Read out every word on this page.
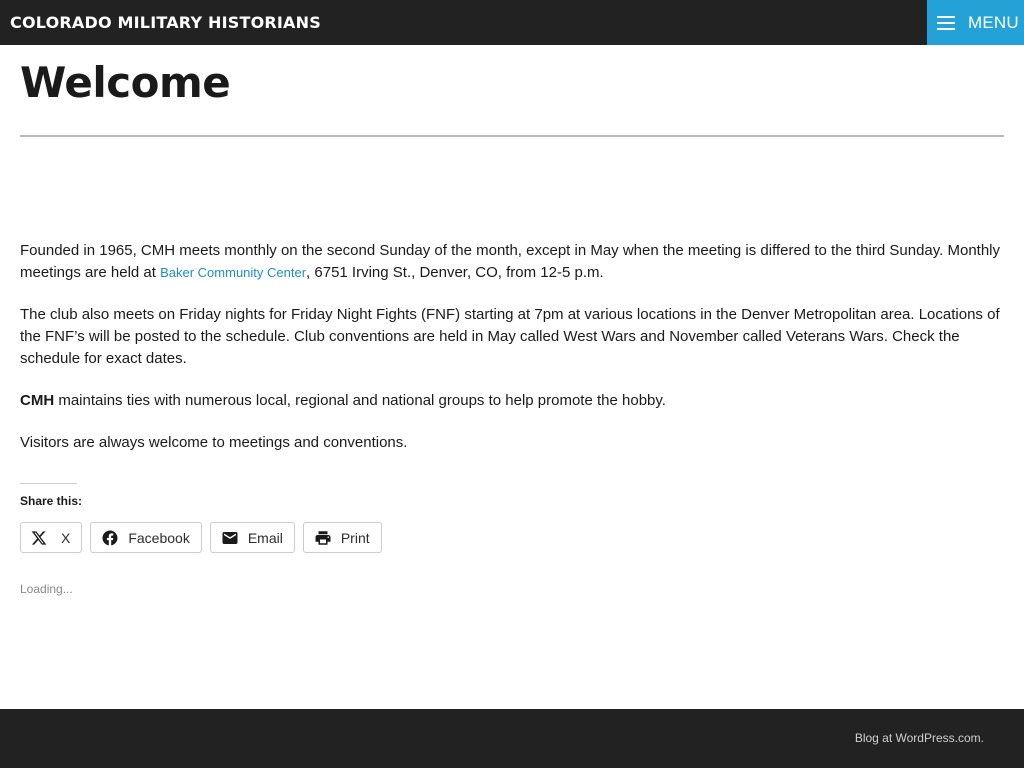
COLORADO MILITARY HISTORIANS	MENU
Welcome

Founded in 1965, CMH meets monthly on the second Sunday of the month, except in May when the meeting is differed to the third Sunday. Monthly meetings are held at Baker Community Center, 6751 Irving St., Denver, CO, from 12-5 p.m.

The club also meets on Friday nights for Friday Night Fights (FNF) starting at 7pm at various locations in the Denver Metropolitan area. Locations of the FNF’s will be posted to the schedule. Club conventions are held in May called West Wars and November called Veterans Wars. Check the schedule for exact dates.

CMH maintains ties with numerous local, regional and national groups to help promote the hobby.

Visitors are always welcome to meetings and conventions.

Share this:
X	Facebook	Email	Print
Loading...
Blog at WordPress.com.
